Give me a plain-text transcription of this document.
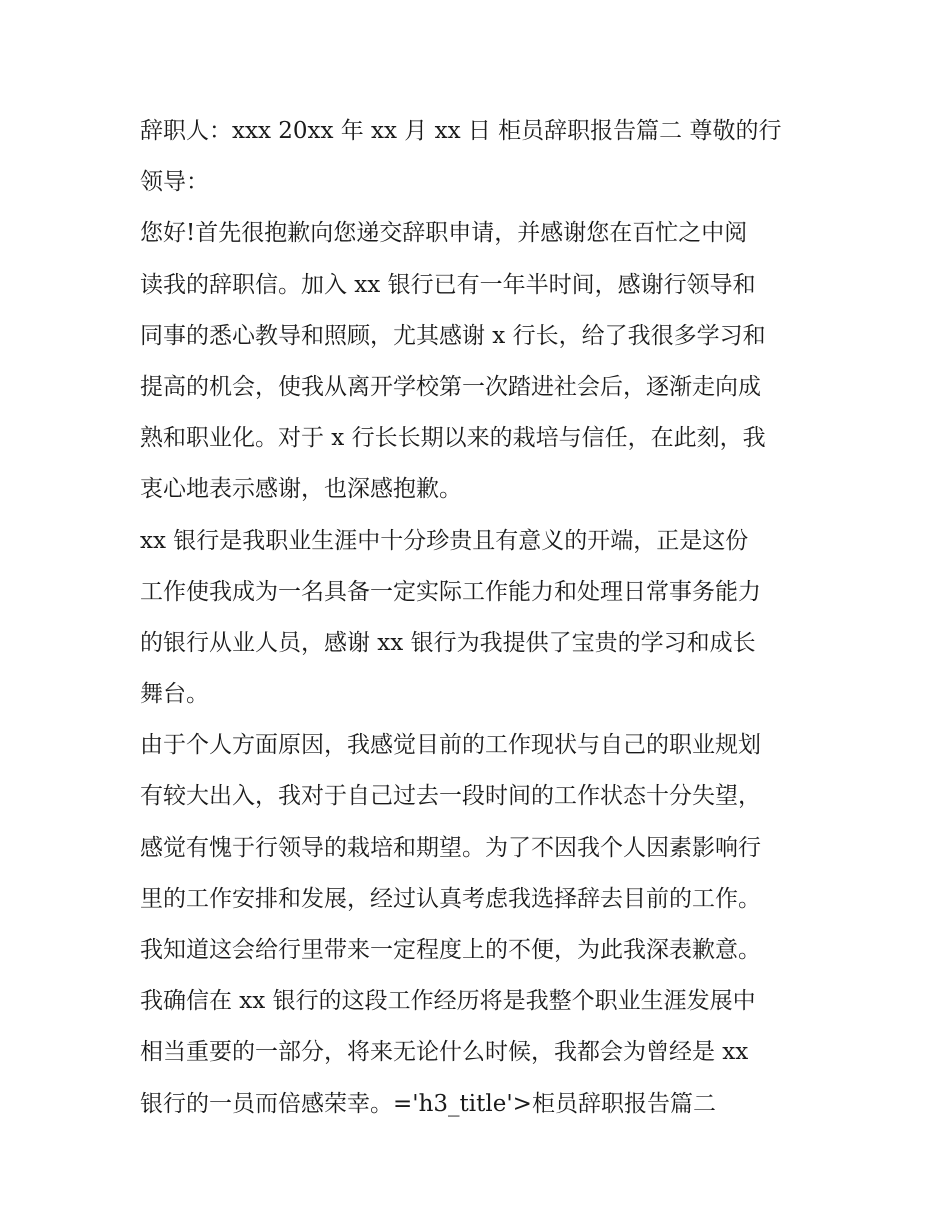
辞职人：xxx 20xx 年 xx 月 xx 日 柜员辞职报告篇二 尊敬的行
领导：
您好!首先很抱歉向您递交辞职申请，并感谢您在百忙之中阅
读我的辞职信。加入 xx 银行已有一年半时间，感谢行领导和
同事的悉心教导和照顾，尤其感谢 x 行长，给了我很多学习和
提高的机会，使我从离开学校第一次踏进社会后，逐渐走向成
熟和职业化。对于 x 行长长期以来的栽培与信任，在此刻，我
衷心地表示感谢，也深感抱歉。
xx 银行是我职业生涯中十分珍贵且有意义的开端，正是这份
工作使我成为一名具备一定实际工作能力和处理日常事务能力
的银行从业人员，感谢 xx 银行为我提供了宝贵的学习和成长
舞台。
由于个人方面原因，我感觉目前的工作现状与自己的职业规划
有较大出入，我对于自己过去一段时间的工作状态十分失望，
感觉有愧于行领导的栽培和期望。为了不因我个人因素影响行
里的工作安排和发展，经过认真考虑我选择辞去目前的工作。
我知道这会给行里带来一定程度上的不便，为此我深表歉意。
我确信在 xx 银行的这段工作经历将是我整个职业生涯发展中
相当重要的一部分，将来无论什么时候，我都会为曾经是 xx
银行的一员而倍感荣幸。='h3_title'>柜员辞职报告篇二
